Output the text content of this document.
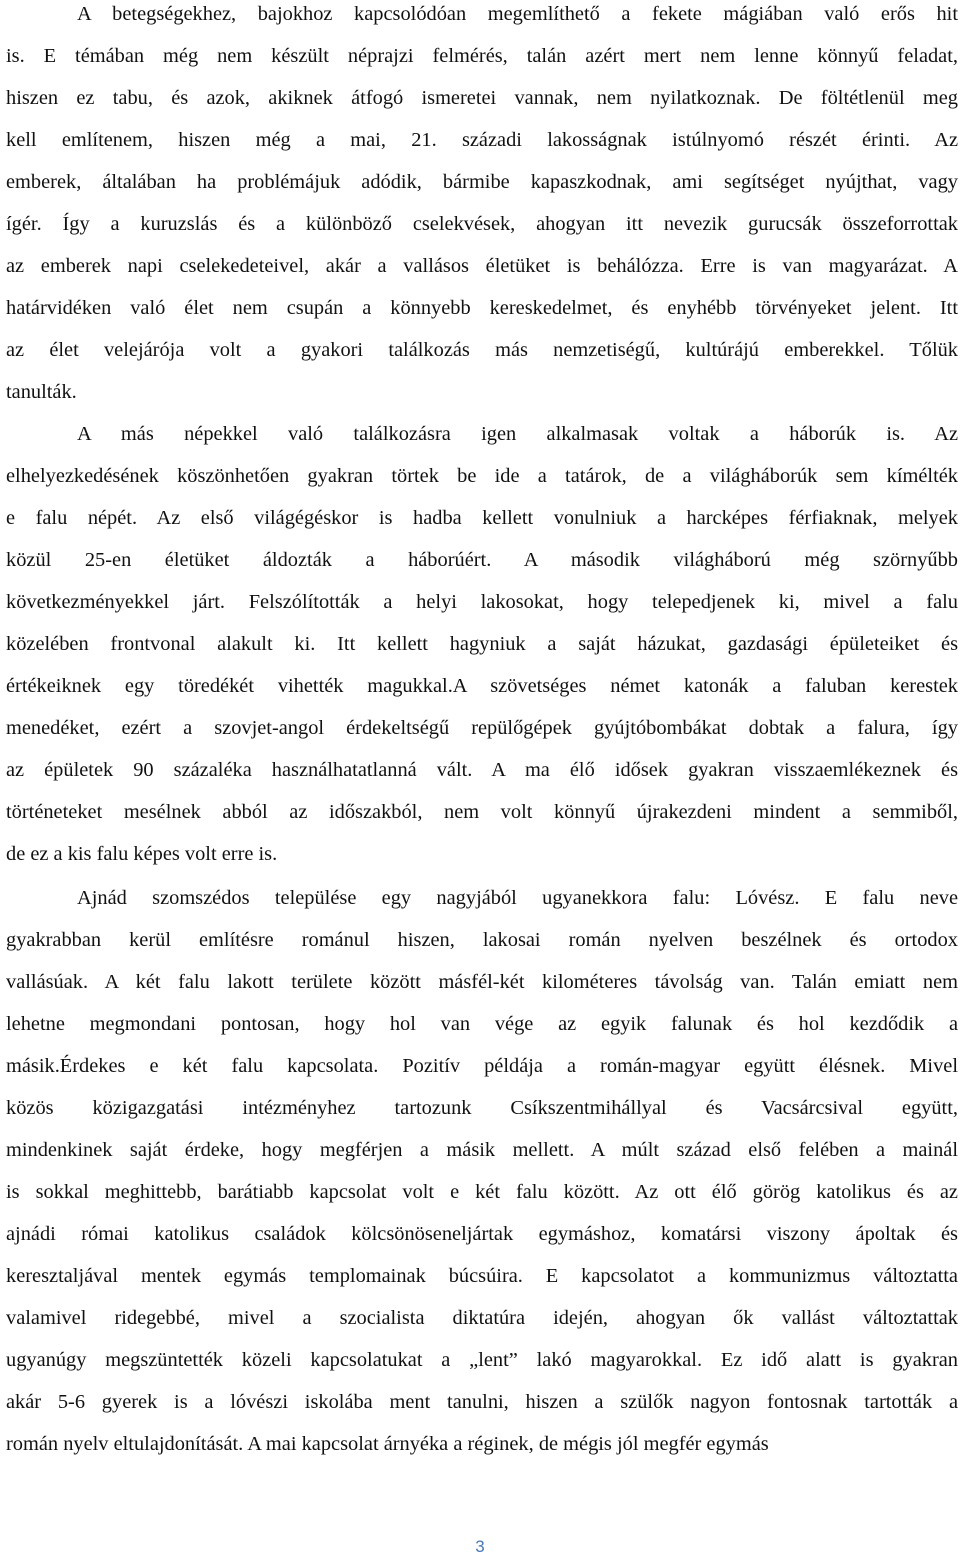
A betegségekhez, bajokhoz kapcsolódóan megemlíthető a fekete mágiában való erős hit
is. E témában még nem készült néprajzi felmérés, talán azért mert nem lenne könnyű feladat,
hiszen ez tabu, és azok, akiknek átfogó ismeretei vannak, nem nyilatkoznak. De föltétlenül meg
kell említenem, hiszen még a mai, 21. századi lakosságnak istúlnyomó részét érinti. Az
emberek, általában ha problémájuk adódik, bármibe kapaszkodnak, ami segítséget nyújthat, vagy
ígér. Így a kuruzslás és a különböző cselekvések, ahogyan itt nevezik gurucsák összeforrottak
az emberek napi cselekedeteivel, akár a vallásos életüket is behálózza. Erre is van magyarázat. A
határvidéken való élet nem csupán a könnyebb kereskedelmet, és enyhébb törvényeket jelent. Itt
az élet velejárója volt a gyakori találkozás más nemzetiségű, kultúrájú emberekkel. Tőlük
tanulták.
A más népekkel való találkozásra igen alkalmasak voltak a háborúk is. Az
elhelyezkedésének köszönhetően gyakran törtek be ide a tatárok, de a világháborúk sem kímélték
e falu népét. Az első világégéskor is hadba kellett vonulniuk a harcképes férfiaknak, melyek
közül 25-en életüket áldozták a háborúért. A második világháború még szörnyűbb
következményekkel járt. Felszólították a helyi lakosokat, hogy telepedjenek ki, mivel a falu
közelében frontvonal alakult ki. Itt kellett hagyniuk a saját házukat, gazdasági épületeiket és
értékeiknek egy töredékét vihették magukkal.A szövetséges német katonák a faluban kerestek
menedéket, ezért a szovjet-angol érdekeltségű repülőgépek gyújtóbombákat dobtak a falura, így
az épületek 90 százaléka használhatatlanná vált. A ma élő idősek gyakran visszaemlékeznek és
történeteket mesélnek abból az időszakból, nem volt könnyű újrakezdeni mindent a semmiből,
de ez a kis falu képes volt erre is.
Ajnád szomszédos települése egy nagyjából ugyanekkora falu: Lóvész. E falu neve
gyakrabban kerül említésre románul hiszen, lakosai román nyelven beszélnek és ortodox
vallásúak. A két falu lakott területe között másfél-két kilométeres távolság van. Talán emiatt nem
lehetne megmondani pontosan, hogy hol van vége az egyik falunak és hol kezdődik a
másik.Érdekes e két falu kapcsolata. Pozitív példája a román-magyar együtt élésnek. Mivel
közös közigazgatási intézményhez tartozunk Csíkszentmihállyal és Vacsárcsival együtt,
mindenkinek saját érdeke, hogy megférjen a másik mellett. A múlt század első felében a mainál
is sokkal meghittebb, barátiabb kapcsolat volt e két falu között. Az ott élő görög katolikus és az
ajnádi római katolikus családok kölcsönöseneljártak egymáshoz, komatársi viszony ápoltak és
keresztaljával mentek egymás templomainak búcsúira. E kapcsolatot a kommunizmus változtatta
valamivel ridegebbé, mivel a szocialista diktatúra idején, ahogyan ők vallást változtattak
ugyanúgy megszüntették közeli kapcsolatukat a „lent” lakó magyarokkal. Ez idő alatt is gyakran
akár 5-6 gyerek is a lóvészi iskolába ment tanulni, hiszen a szülők nagyon fontosnak tartották a
román nyelv eltulajdonítását. A mai kapcsolat árnyéka a réginek, de mégis jól megfér egymás
3
